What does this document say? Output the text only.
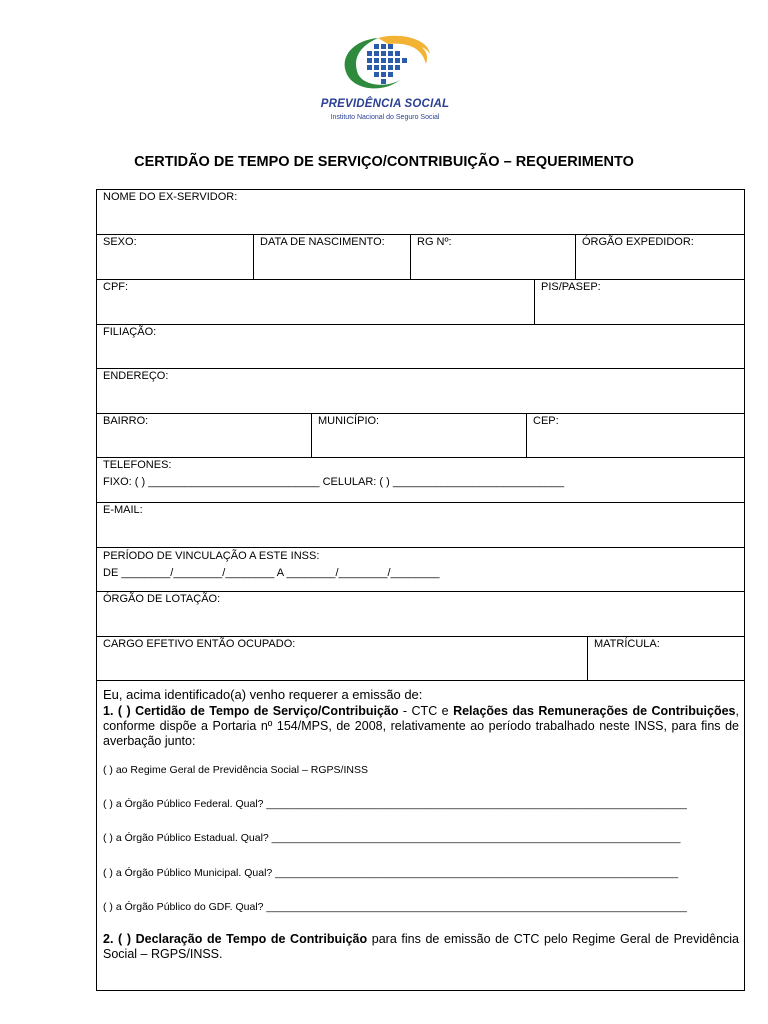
PREVIDÊNCIA SOCIAL
Instituto Nacional do Seguro Social
CERTIDÃO DE TEMPO DE SERVIÇO/CONTRIBUIÇÃO – REQUERIMENTO
NOME DO EX-SERVIDOR:
SEXO:	DATA DE NASCIMENTO:	RG Nº:	ÓRGÃO EXPEDIDOR:
CPF:	PIS/PASEP:
FILIAÇÃO:
ENDEREÇO:
BAIRRO:	MUNICÍPIO:	CEP:
TELEFONES:
FIXO: ( ) ____________________________ CELULAR: ( ) ____________________________
E-MAIL:
PERÍODO DE VINCULAÇÃO A ESTE INSS:
DE ________/________/________ A ________/________/________
ÓRGÃO DE LOTAÇÃO:
CARGO EFETIVO ENTÃO OCUPADO:	MATRÍCULA:
Eu, acima identificado(a) venho requerer a emissão de:
1. ( ) Certidão de Tempo de Serviço/Contribuição - CTC e Relações das Remunerações de Contribuições, conforme dispõe a Portaria nº 154/MPS, de 2008, relativamente ao período trabalhado neste INSS, para fins de averbação junto:
( ) ao Regime Geral de Previdência Social – RGPS/INSS
( ) a Órgão Público Federal. Qual? ________________________________________________________________________
( ) a Órgão Público Estadual. Qual? ______________________________________________________________________
( ) a Órgão Público Municipal. Qual? _____________________________________________________________________
( ) a Órgão Público do GDF. Qual? ________________________________________________________________________
2. ( ) Declaração de Tempo de Contribuição para fins de emissão de CTC pelo Regime Geral de Previdência Social – RGPS/INSS.
